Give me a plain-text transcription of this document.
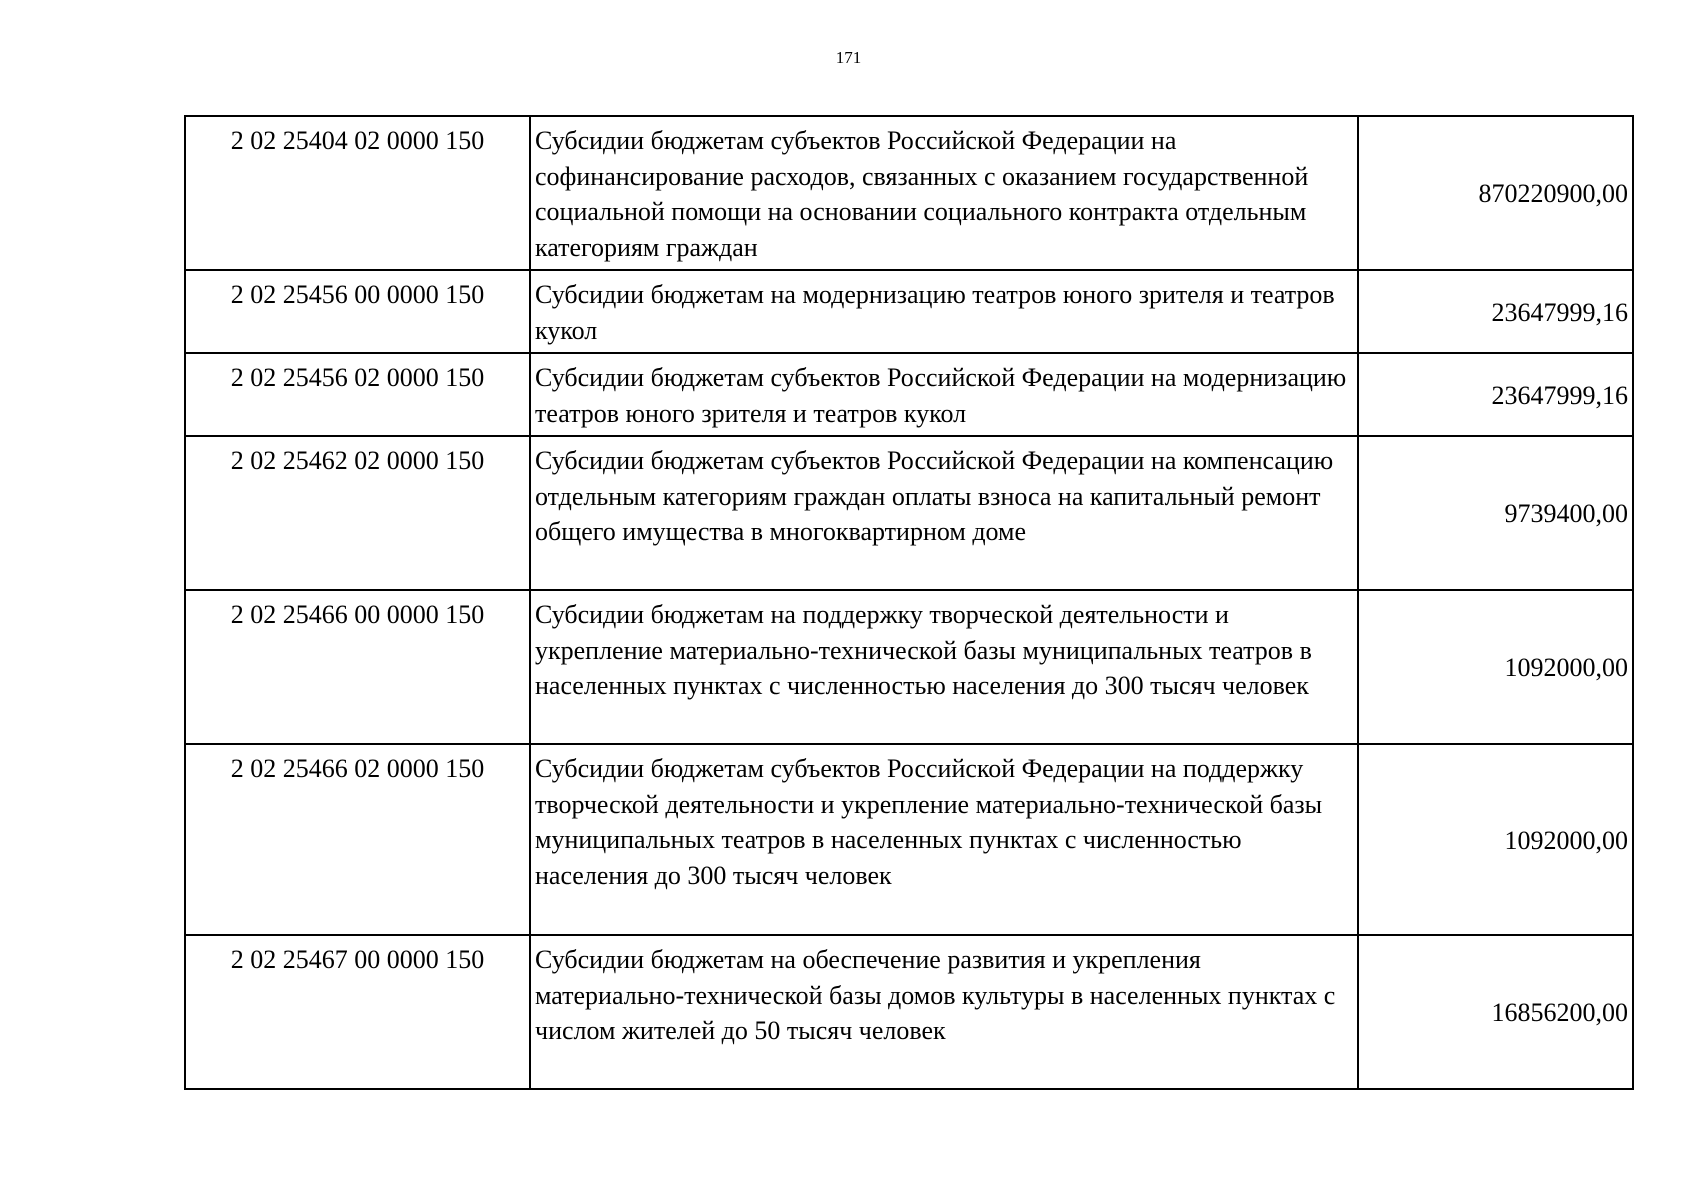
171
2 02 25404 02 0000 150	Субсидии бюджетам субъектов Российской Федерации на софинансирование расходов, связанных с оказанием государственной социальной помощи на основании социального контракта отдельным категориям граждан	870220900,00
2 02 25456 00 0000 150	Субсидии бюджетам на модернизацию театров юного зрителя и театров кукол	23647999,16
2 02 25456 02 0000 150	Субсидии бюджетам субъектов Российской Федерации на модернизацию театров юного зрителя и театров кукол	23647999,16
2 02 25462 02 0000 150	Субсидии бюджетам субъектов Российской Федерации на компенсацию отдельным категориям граждан оплаты взноса на капитальный ремонт общего имущества в многоквартирном доме	9739400,00
2 02 25466 00 0000 150	Субсидии бюджетам на поддержку творческой деятельности и укрепление материально-технической базы муниципальных театров в населенных пунктах с численностью населения до 300 тысяч человек	1092000,00
2 02 25466 02 0000 150	Субсидии бюджетам субъектов Российской Федерации на поддержку творческой деятельности и укрепление материально-технической базы муниципальных театров в населенных пунктах с численностью населения до 300 тысяч человек	1092000,00
2 02 25467 00 0000 150	Субсидии бюджетам на обеспечение развития и укрепления материально-технической базы домов культуры в населенных пунктах с числом жителей до 50 тысяч человек	16856200,00
